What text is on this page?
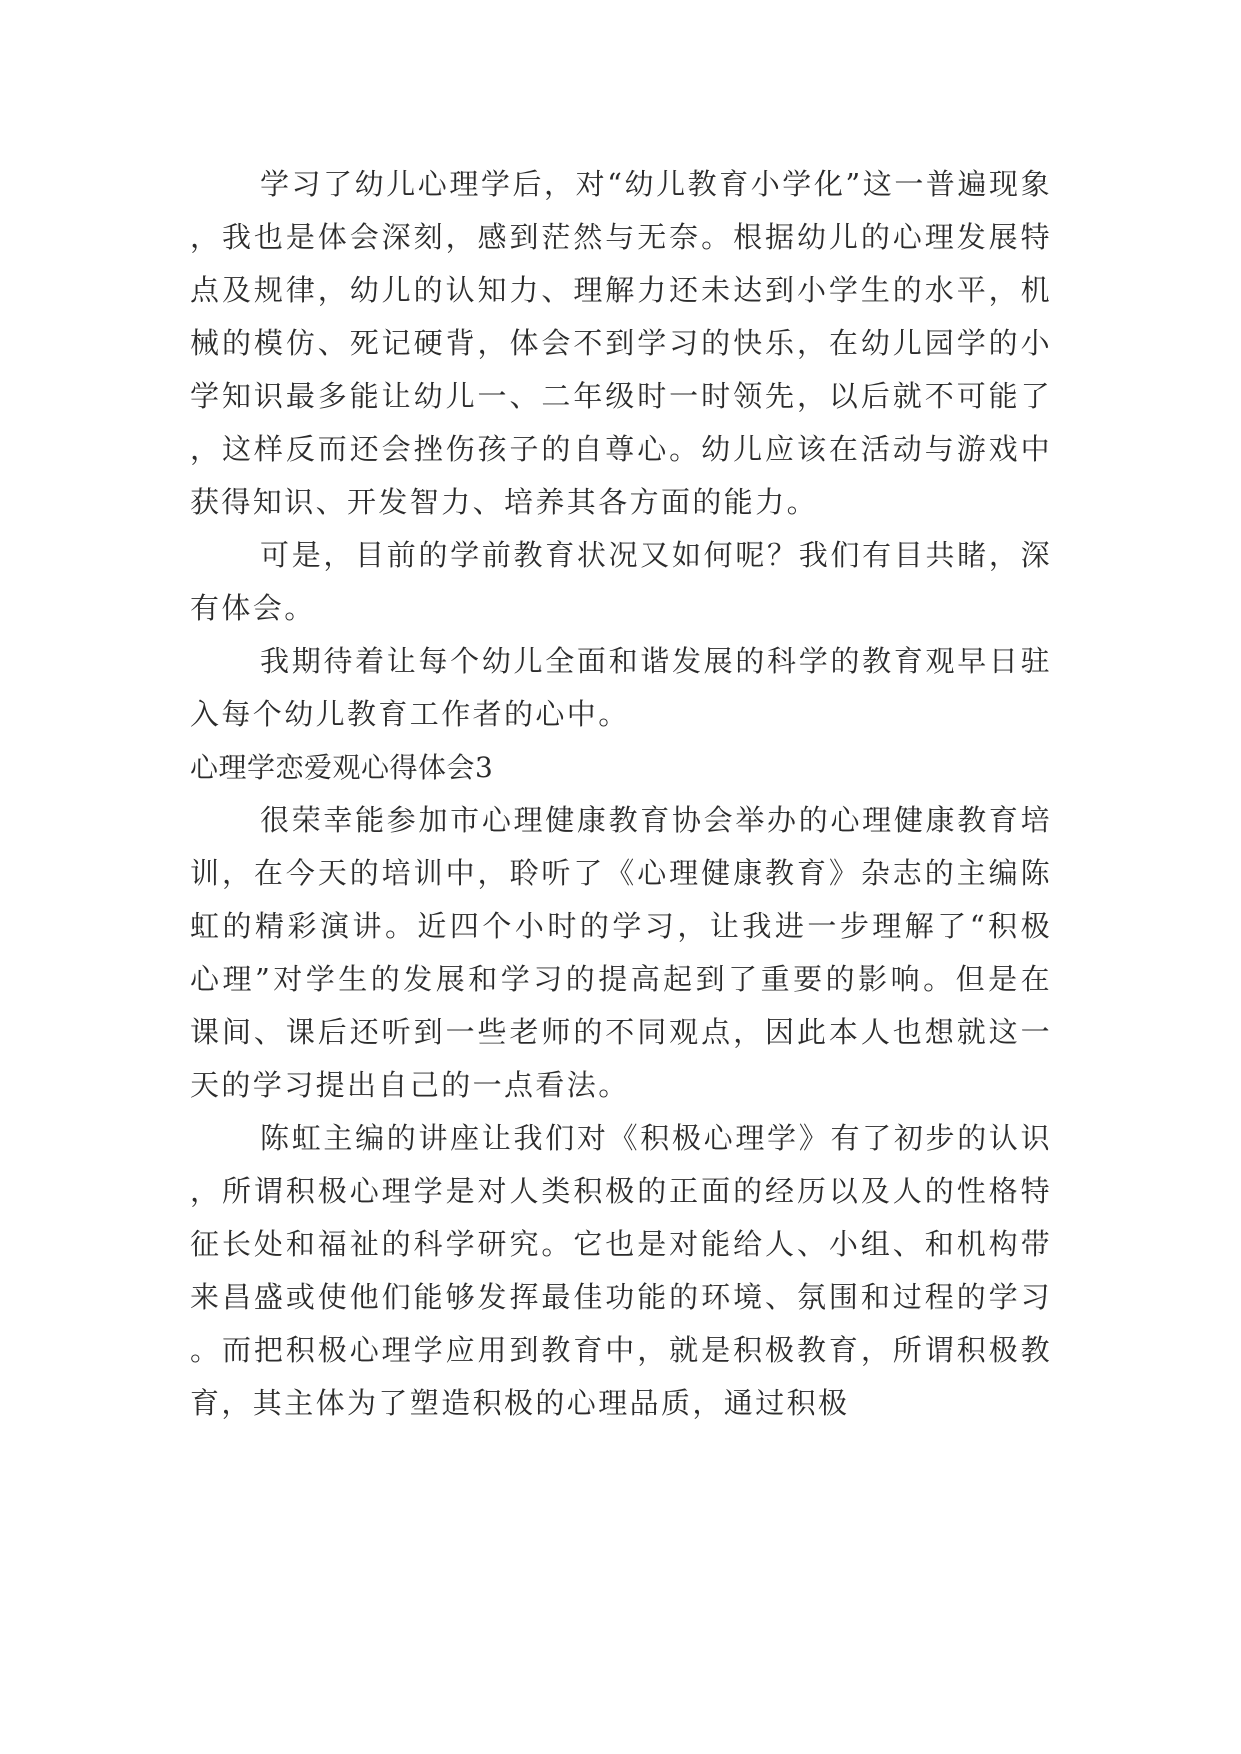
学习了幼儿心理学后，对“幼儿教育小学化”这一普遍现象，我也是体会深刻，感到茫然与无奈。根据幼儿的心理发展特点及规律，幼儿的认知力、理解力还未达到小学生的水平，机械的模仿、死记硬背，体会不到学习的快乐，在幼儿园学的小学知识最多能让幼儿一、二年级时一时领先，以后就不可能了，这样反而还会挫伤孩子的自尊心。幼儿应该在活动与游戏中获得知识、开发智力、培养其各方面的能力。

可是，目前的学前教育状况又如何呢？我们有目共睹，深有体会。

我期待着让每个幼儿全面和谐发展的科学的教育观早日驻入每个幼儿教育工作者的心中。

心理学恋爱观心得体会3

很荣幸能参加市心理健康教育协会举办的心理健康教育培训，在今天的培训中，聆听了《心理健康教育》杂志的主编陈虹的精彩演讲。近四个小时的学习，让我进一步理解了“积极心理”对学生的发展和学习的提高起到了重要的影响。但是在课间、课后还听到一些老师的不同观点，因此本人也想就这一天的学习提出自己的一点看法。

陈虹主编的讲座让我们对《积极心理学》有了初步的认识，所谓积极心理学是对人类积极的正面的经历以及人的性格特征长处和福祉的科学研究。它也是对能给人、小组、和机构带来昌盛或使他们能够发挥最佳功能的环境、氛围和过程的学习。而把积极心理学应用到教育中，就是积极教育，所谓积极教育，其主体为了塑造积极的心理品质，通过积极
